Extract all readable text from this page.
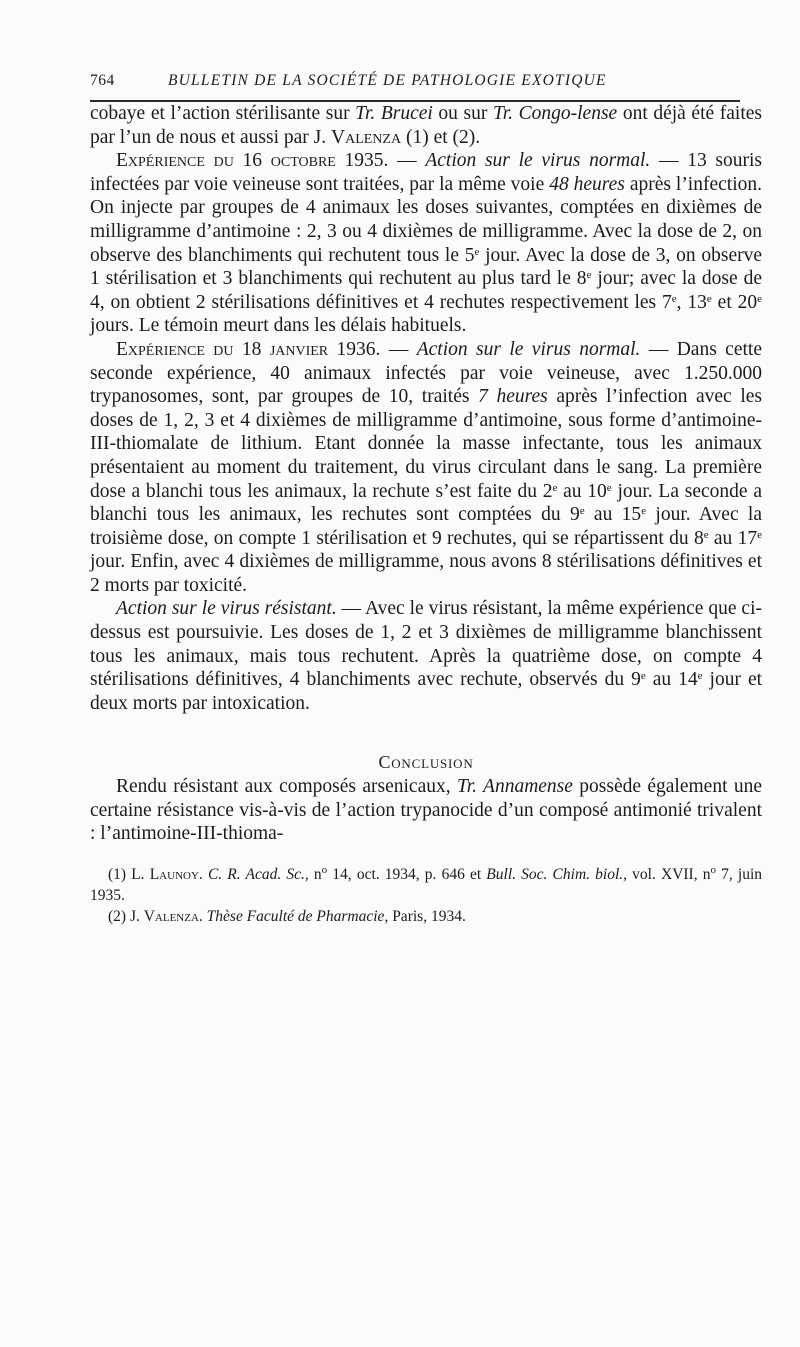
764	BULLETIN DE LA SOCIÉTÉ DE PATHOLOGIE EXOTIQUE

cobaye et l’action stérilisante sur Tr. Brucei ou sur Tr. Congo-lense ont déjà été faites par l’un de nous et aussi par J. Valenza (1) et (2).

Expérience du 16 octobre 1935. — Action sur le virus normal. — 13 souris infectées par voie veineuse sont traitées, par la même voie 48 heures après l’infection. On injecte par groupes de 4 animaux les doses suivantes, comptées en dixièmes de milligramme d’antimoine : 2, 3 ou 4 dixièmes de milligramme. Avec la dose de 2, on observe des blanchiments qui rechutent tous le 5e jour. Avec la dose de 3, on observe 1 stérilisation et 3 blanchiments qui rechutent au plus tard le 8e jour; avec la dose de 4, on obtient 2 stérilisations définitives et 4 rechutes respectivement les 7e, 13e et 20e jours. Le témoin meurt dans les délais habituels.

Expérience du 18 janvier 1936. — Action sur le virus normal. — Dans cette seconde expérience, 40 animaux infectés par voie veineuse, avec 1.250.000 trypanosomes, sont, par groupes de 10, traités 7 heures après l’infection avec les doses de 1, 2, 3 et 4 dixièmes de milligramme d’antimoine, sous forme d’antimoine-III-thiomalate de lithium. Etant donnée la masse infectante, tous les animaux présentaient au moment du traitement, du virus circulant dans le sang. La première dose a blanchi tous les animaux, la rechute s’est faite du 2e au 10e jour. La seconde a blanchi tous les animaux, les rechutes sont comptées du 9e au 15e jour. Avec la troisième dose, on compte 1 stérilisation et 9 rechutes, qui se répartissent du 8e au 17e jour. Enfin, avec 4 dixièmes de milligramme, nous avons 8 stérilisations définitives et 2 morts par toxicité.

Action sur le virus résistant. — Avec le virus résistant, la même expérience que ci-dessus est poursuivie. Les doses de 1, 2 et 3 dixièmes de milligramme blanchissent tous les animaux, mais tous rechutent. Après la quatrième dose, on compte 4 stérilisations définitives, 4 blanchiments avec rechute, observés du 9e au 14e jour et deux morts par intoxication.

Conclusion

Rendu résistant aux composés arsenicaux, Tr. Annamense possède également une certaine résistance vis-à-vis de l’action trypanocide d’un composé antimonié trivalent : l’antimoine-III-thioma-

(1) L. Launoy. C. R. Acad. Sc., $n^o$ 14, oct. 1934, p. 646 et Bull. Soc. Chim. biol., vol. XVII, $n^o$ 7, juin 1935.

(2) J. Valenza. Thèse Faculté de Pharmacie, Paris, 1934.
